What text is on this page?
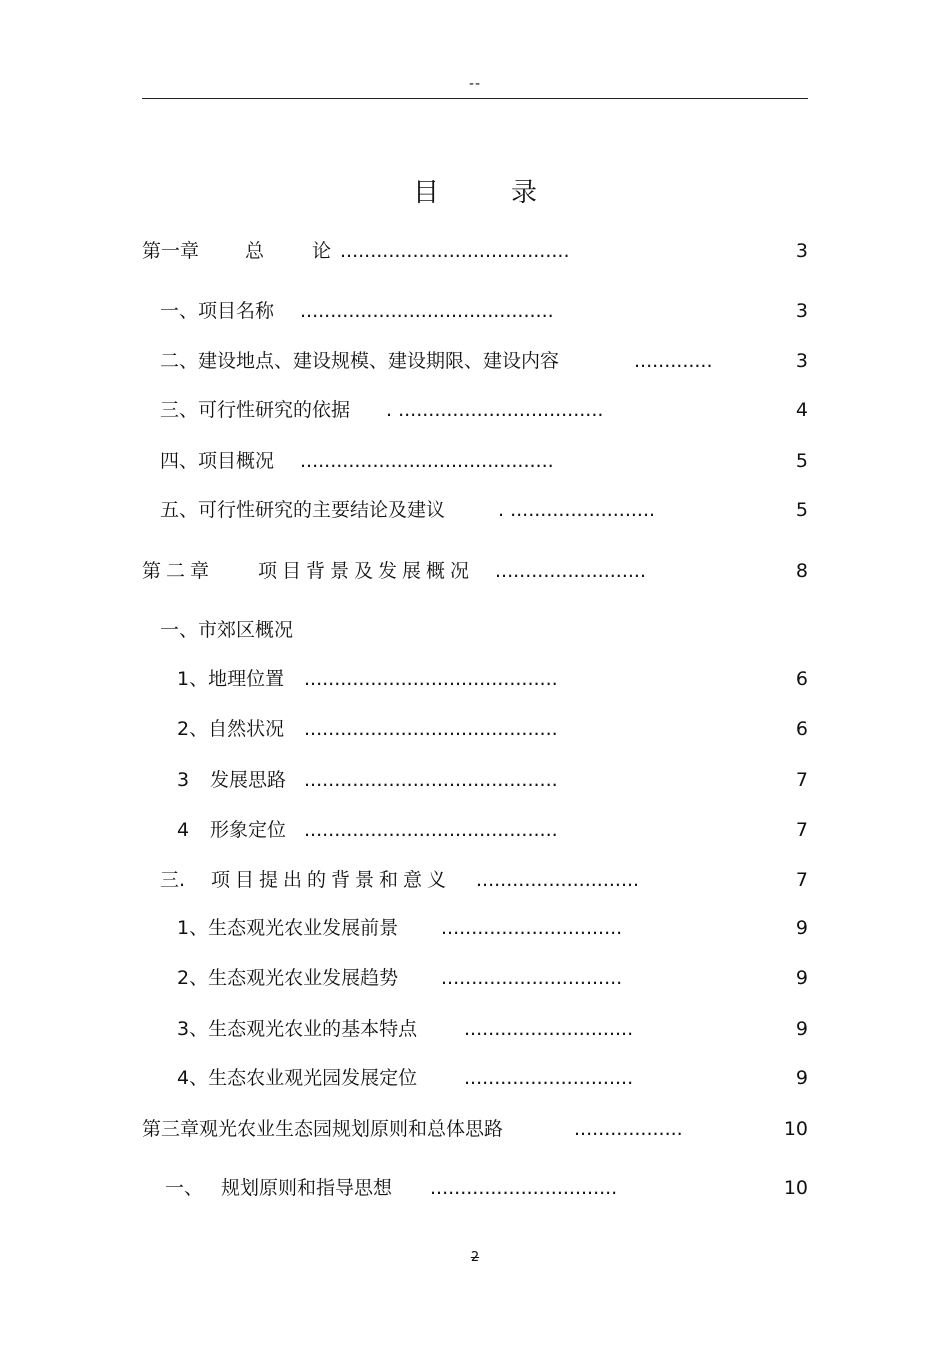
--
目	录
第一章 总	论 ......................................	3
一、项目名称 ..........................................	3
二、建设地点、建设规模、建设期限、建设内容	.............	3
三、可行性研究的依据 . ..................................	4
四、项目概况 ..........................................	5
五、可行性研究的主要结论及建议	. ........................	5
第二章 项目背景及发展概况 .........................	8
一、市郊区概况
1、地理位置 ..........................................	6
2、自然状况 ..........................................	6
3 发展思路 ..........................................	7
4 形象定位 ..........................................	7
三. 项目提出的背景和意义 ...........................	7
1、生态观光农业发展前景 ..............................	9
2、生态观光农业发展趋势 ..............................	9
3、生态观光农业的基本特点 ............................	9
4、生态农业观光园发展定位 ............................	9
第三章观光农业生态园规划原则和总体思路	..................	10
一、 规划原则和指导思想 ...............................	10
2
